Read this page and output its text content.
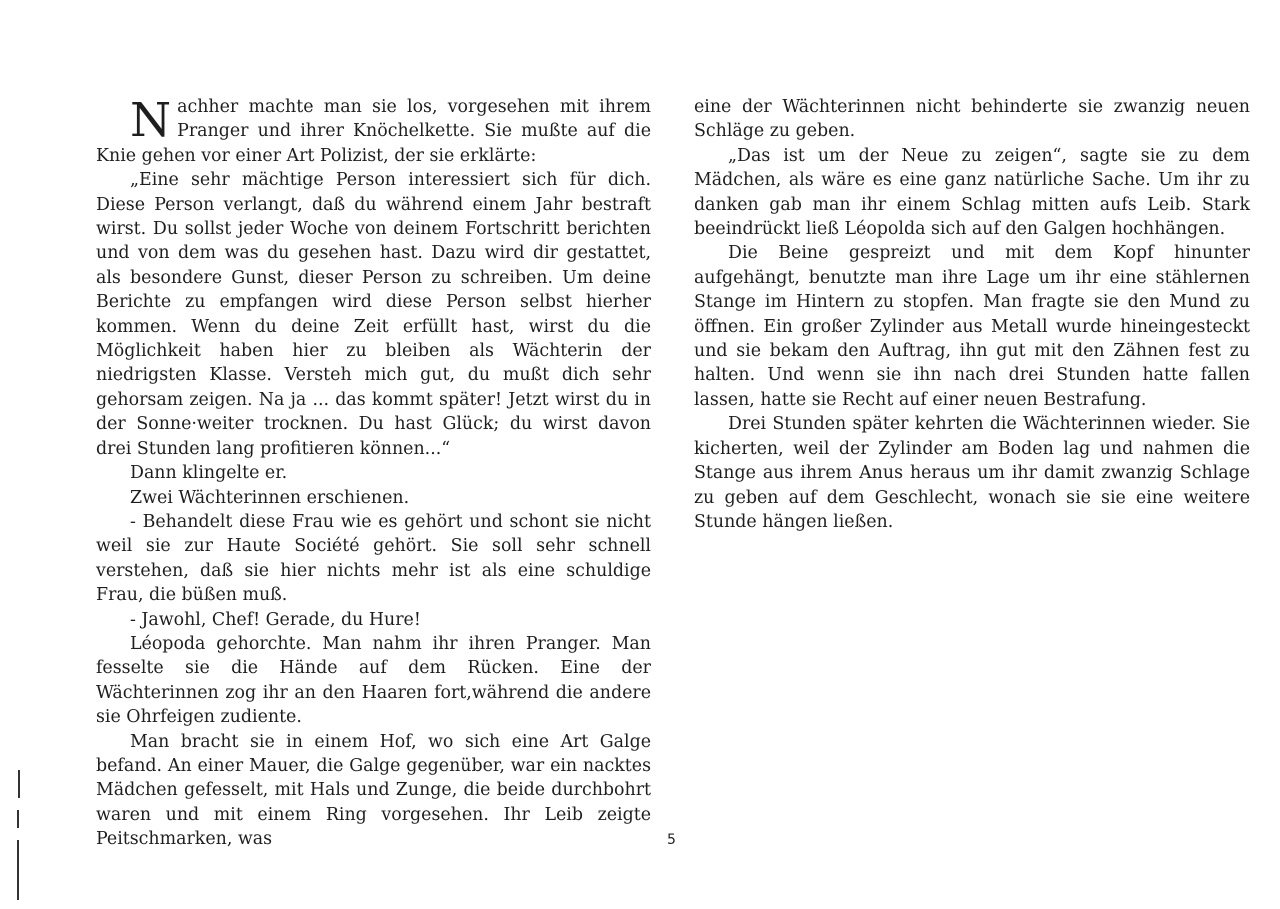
Nachher machte man sie los, vorgesehen mit ihrem Pranger und ihrer Knöchelkette. Sie mußte auf die Knie gehen vor einer Art Polizist, der sie erklärte:

„Eine sehr mächtige Person interessiert sich für dich. Diese Person verlangt, daß du während einem Jahr bestraft wirst. Du sollst jeder Woche von deinem Fortschritt berichten und von dem was du gesehen hast. Dazu wird dir gestattet, als besondere Gunst, dieser Person zu schreiben. Um deine Berichte zu empfangen wird diese Person selbst hierher kommen. Wenn du deine Zeit erfüllt hast, wirst du die Möglichkeit haben hier zu bleiben als Wächterin der niedrigsten Klasse. Versteh mich gut, du mußt dich sehr gehorsam zeigen. Na ja ... das kommt später! Jetzt wirst du in der Sonne·weiter trocknen. Du hast Glück; du wirst davon drei Stunden lang profitieren können...“

Dann klingelte er.

Zwei Wächterinnen erschienen.

- Behandelt diese Frau wie es gehört und schont sie nicht weil sie zur Haute Société gehört. Sie soll sehr schnell verstehen, daß sie hier nichts mehr ist als eine schuldige Frau, die büßen muß.

- Jawohl, Chef! Gerade, du Hure!

Léopoda gehorchte. Man nahm ihr ihren Pranger. Man fesselte sie die Hände auf dem Rücken. Eine der Wächterinnen zog ihr an den Haaren fort,während die andere sie Ohrfeigen zudiente.

Man bracht sie in einem Hof, wo sich eine Art Galge befand. An einer Mauer, die Galge gegenüber, war ein nacktes Mädchen gefesselt, mit Hals und Zunge, die beide durchbohrt waren und mit einem Ring vorgesehen. Ihr Leib zeigte Peitschmarken, was

eine der Wächterinnen nicht behinderte sie zwanzig neuen Schläge zu geben.

„Das ist um der Neue zu zeigen“, sagte sie zu dem Mädchen, als wäre es eine ganz natürliche Sache. Um ihr zu danken gab man ihr einem Schlag mitten aufs Leib. Stark beeindrückt ließ Léopolda sich auf den Galgen hochhängen.

Die Beine gespreizt und mit dem Kopf hinunter aufgehängt, benutzte man ihre Lage um ihr eine stählernen Stange im Hintern zu stopfen. Man fragte sie den Mund zu öffnen. Ein großer Zylinder aus Metall wurde hineingesteckt und sie bekam den Auftrag, ihn gut mit den Zähnen fest zu halten. Und wenn sie ihn nach drei Stunden hatte fallen lassen, hatte sie Recht auf einer neuen Bestrafung.

Drei Stunden später kehrten die Wächterinnen wieder. Sie kicherten, weil der Zylinder am Boden lag und nahmen die Stange aus ihrem Anus heraus um ihr damit zwanzig Schlage zu geben auf dem Geschlecht, wonach sie sie eine weitere Stunde hängen ließen.

5
